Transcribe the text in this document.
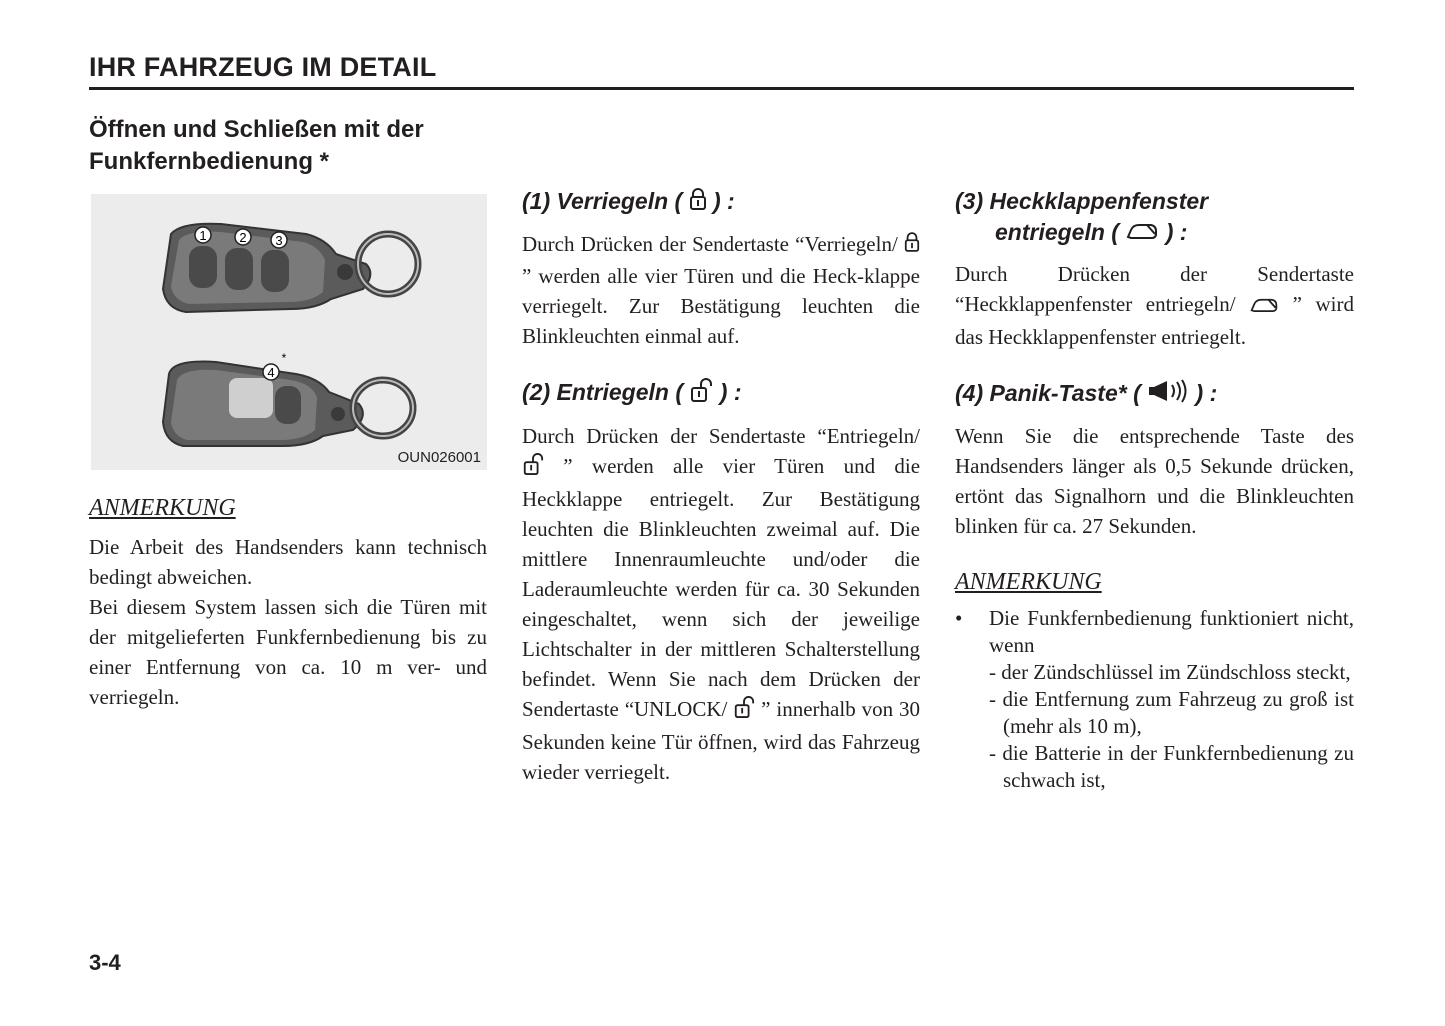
IHR FAHRZEUG IM DETAIL
Öffnen und Schließen mit der
Funkfernbedienung *
1	2 3
4
*
OUN026001
ANMERKUNG

Die Arbeit des Handsenders kann technisch bedingt abweichen.

Bei diesem System lassen sich die Türen mit der mitgelieferten Funkfernbedienung bis zu einer Entfernung von ca. 10 m ver- und verriegeln.

(1) Verriegeln ( ) :

Durch Drücken der Sendertaste “Verriegeln/  ” werden alle vier Türen und die Heck-klappe verriegelt. Zur Bestätigung leuchten die Blinkleuchten einmal auf.

(2) Entriegeln ( ) :

Durch Drücken der Sendertaste “Entriegeln/  ” werden alle vier Türen und die Heckklappe entriegelt. Zur Bestätigung leuchten die Blinkleuchten zweimal auf. Die mittlere Innenraumleuchte und/oder die Laderaumleuchte werden für ca. 30 Sekunden eingeschaltet, wenn sich der jeweilige Lichtschalter in der mittleren Schalterstellung befindet. Wenn Sie nach dem Drücken der Sendertaste “UNLOCK/ ” innerhalb von 30 Sekunden keine Tür öffnen, wird das Fahrzeug wieder verriegelt.

(3) Heckklappenfenster
entriegeln ( ) :

Durch Drücken der Sendertaste “Heckklappenfenster entriegeln/	” wird das Heckklappenfenster entriegelt.

(4) Panik-Taste* ( ) :

Wenn Sie die entsprechende Taste des Handsenders länger als 0,5 Sekunde drücken, ertönt das Signalhorn und die Blinkleuchten blinken für ca. 27 Sekunden.

ANMERKUNG
•	Die Funkfernbedienung funktioniert nicht, wenn
- der Zündschlüssel im Zündschloss steckt,
- die Entfernung zum Fahrzeug zu groß ist (mehr als 10 m),
- die Batterie in der Funkfernbedienung zu schwach ist,
3-4
